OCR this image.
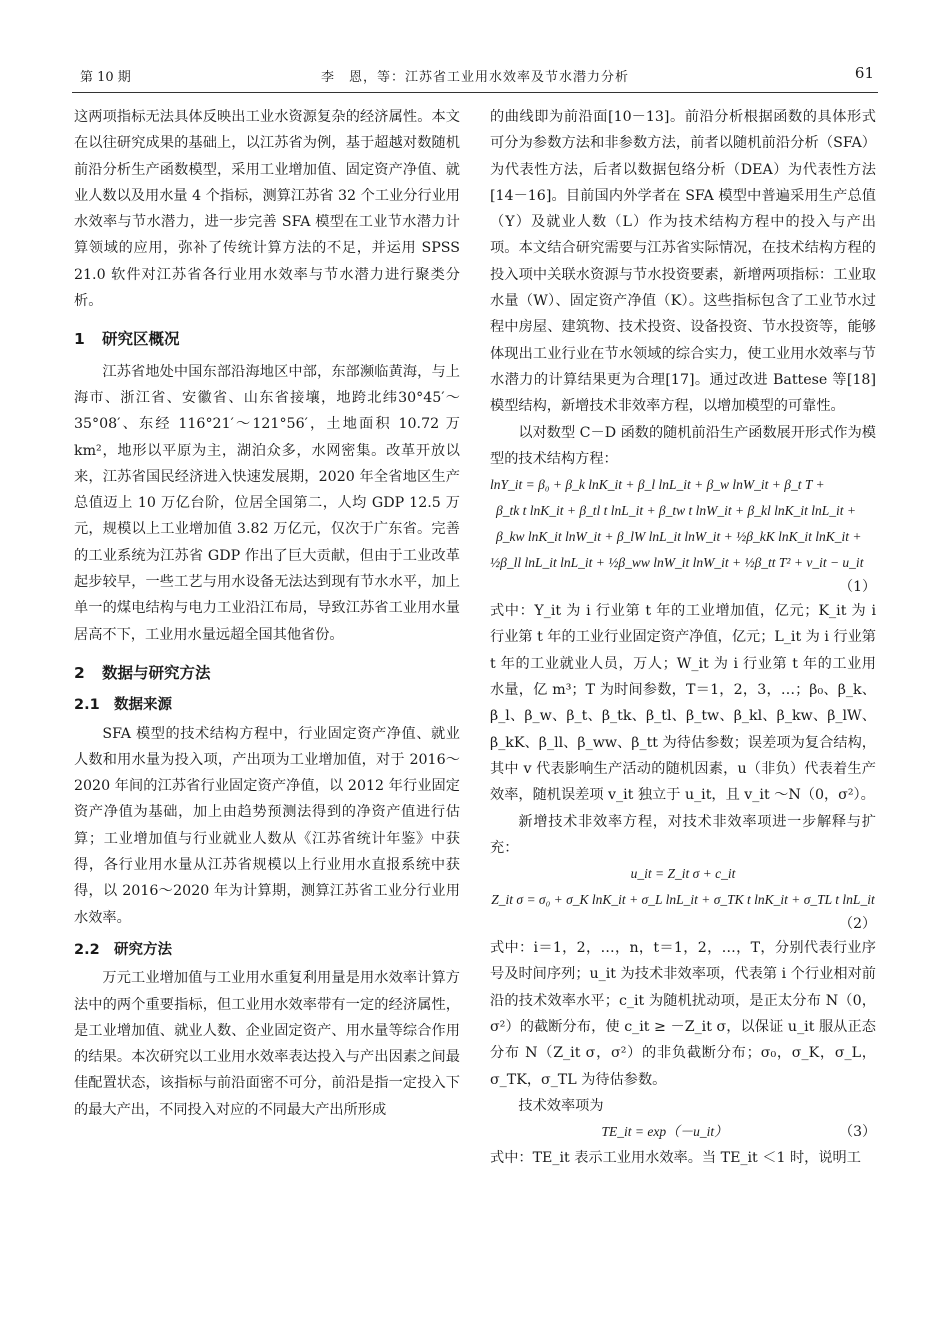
第 10 期	李　恩，等：江苏省工业用水效率及节水潜力分析	61

这两项指标无法具体反映出工业水资源复杂的经济属性。本文在以往研究成果的基础上，以江苏省为例，基于超越对数随机前沿分析生产函数模型，采用工业增加值、固定资产净值、就业人数以及用水量 4 个指标，测算江苏省 32 个工业分行业用水效率与节水潜力，进一步完善 SFA 模型在工业节水潜力计算领域的应用，弥补了传统计算方法的不足，并运用 SPSS 21.0 软件对江苏省各行业用水效率与节水潜力进行聚类分析。

1 研究区概况

江苏省地处中国东部沿海地区中部，东部濒临黄海，与上海市、浙江省、安徽省、山东省接壤，地跨北纬30°45′～35°08′、东经 116°21′～121°56′，土地面积 10.72 万 km²，地形以平原为主，湖泊众多，水网密集。改革开放以来，江苏省国民经济进入快速发展期，2020 年全省地区生产总值迈上 10 万亿台阶，位居全国第二，人均 GDP 12.5 万元，规模以上工业增加值 3.82 万亿元，仅次于广东省。完善的工业系统为江苏省 GDP 作出了巨大贡献，但由于工业改革起步较早，一些工艺与用水设备无法达到现有节水水平，加上单一的煤电结构与电力工业沿江布局，导致江苏省工业用水量居高不下，工业用水量远超全国其他省份。

2 数据与研究方法
2.1 数据来源

SFA 模型的技术结构方程中，行业固定资产净值、就业人数和用水量为投入项，产出项为工业增加值，对于 2016～2020 年间的江苏省行业固定资产净值，以 2012 年行业固定资产净值为基础，加上由趋势预测法得到的净资产值进行估算；工业增加值与行业就业人数从《江苏省统计年鉴》中获得，各行业用水量从江苏省规模以上行业用水直报系统中获得，以 2016～2020 年为计算期，测算江苏省工业分行业用水效率。

2.2 研究方法

万元工业增加值与工业用水重复利用量是用水效率计算方法中的两个重要指标，但工业用水效率带有一定的经济属性，是工业增加值、就业人数、企业固定资产、用水量等综合作用的结果。本次研究以工业用水效率表达投入与产出因素之间最佳配置状态，该指标与前沿面密不可分，前沿是指一定投入下的最大产出，不同投入对应的不同最大产出所形成

的曲线即为前沿面[10－13]。前沿分析根据函数的具体形式可分为参数方法和非参数方法，前者以随机前沿分析（SFA）为代表性方法，后者以数据包络分析（DEA）为代表性方法[14－16]。目前国内外学者在 SFA 模型中普遍采用生产总值（Y）及就业人数（L）作为技术结构方程中的投入与产出项。本文结合研究需要与江苏省实际情况，在技术结构方程的投入项中关联水资源与节水投资要素，新增两项指标：工业取水量（W）、固定资产净值（K）。这些指标包含了工业节水过程中房屋、建筑物、技术投资、设备投资、节水投资等，能够体现出工业行业在节水领域的综合实力，使工业用水效率与节水潜力的计算结果更为合理[17]。通过改进 Battese 等[18]模型结构，新增技术非效率方程，以增加模型的可靠性。

以对数型 C－D 函数的随机前沿生产函数展开形式作为模型的技术结构方程：

lnY_it = β₀ + β_k lnK_it + β_l lnL_it + β_w lnW_it + β_t T +
β_tk t lnK_it + β_tl t lnL_it + β_tw t lnW_it + β_kl lnK_it lnL_it +
β_kw lnK_it lnW_it + β_lW lnL_it lnW_it + ½β_kK lnK_it lnK_it +
½β_ll lnL_it lnL_it + ½β_ww lnW_it lnW_it + ½β_tt T² + v_it − u_it
（1）

式中：Y_it 为 i 行业第 t 年的工业增加值，亿元；K_it 为 i 行业第 t 年的工业行业固定资产净值，亿元；L_it 为 i 行业第 t 年的工业就业人员，万人；W_it 为 i 行业第 t 年的工业用水量，亿 m³；T 为时间参数，T＝1，2，3，…；β₀、β_k、β_l、β_w、β_t、β_tk、β_tl、β_tw、β_kl、β_kw、β_lW、β_kK、β_ll、β_ww、β_tt 为待估参数；误差项为复合结构，其中 v 代表影响生产活动的随机因素，u（非负）代表着生产效率，随机误差项 v_it 独立于 u_it，且 v_it ～N（0，σ²）。

新增技术非效率方程，对技术非效率项进一步解释与扩充：

u_it = Z_it σ + c_it
Z_it σ = σ₀ + σ_K lnK_it + σ_L lnL_it + σ_TK t lnK_it + σ_TL t lnL_it
（2）

式中：i＝1，2，…，n，t＝1，2，…，T，分别代表行业序号及时间序列；u_it 为技术非效率项，代表第 i 个行业相对前沿的技术效率水平；c_it 为随机扰动项，是正太分布 N（0，σ²）的截断分布，使 c_it ≥ －Z_it σ，以保证 u_it 服从正态分布 N（Z_it σ，σ²）的非负截断分布；σ₀，σ_K，σ_L，σ_TK，σ_TL 为待估参数。

技术效率项为

TE_it = exp（－u_it）	（3）

式中：TE_it 表示工业用水效率。当 TE_it ＜1 时，说明工
